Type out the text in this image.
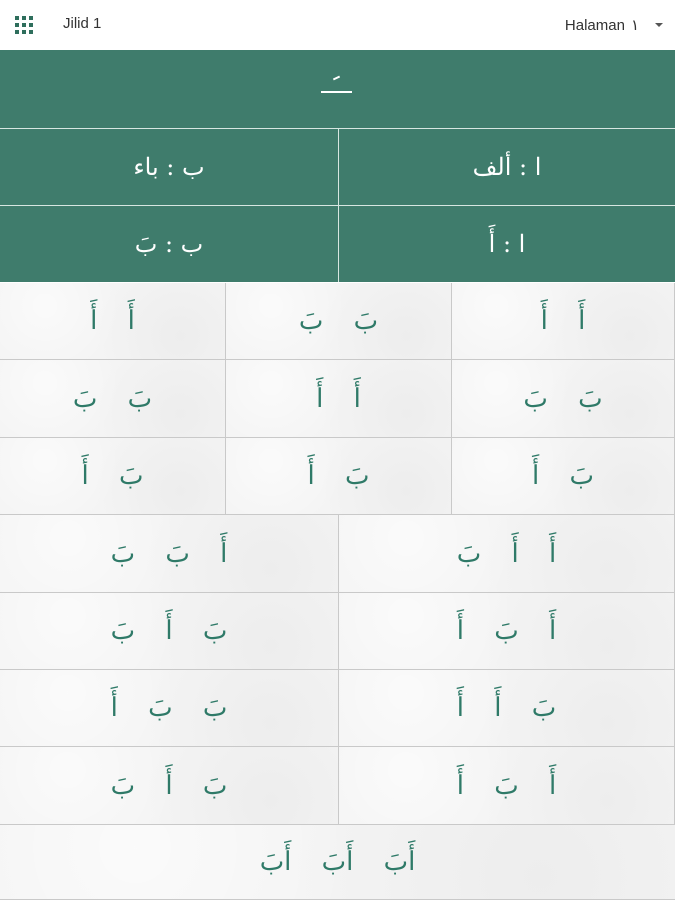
Jilid 1	Halaman ١
ا : ألف
ب : باء
ا : أَ
ب : بَ
أَ أَ
بَ بَ
أَ أَ
بَ بَ
أَ أَ
بَ بَ
بَ أَ
بَ أَ
بَ أَ
أَ أَ بَ
أَ بَ بَ
أَ بَ أَ
بَ أَ بَ
بَ أَ أَ
بَ بَ أَ
أَ بَ أَ
بَ أَ بَ
أَبَ أَبَ أَبَ
